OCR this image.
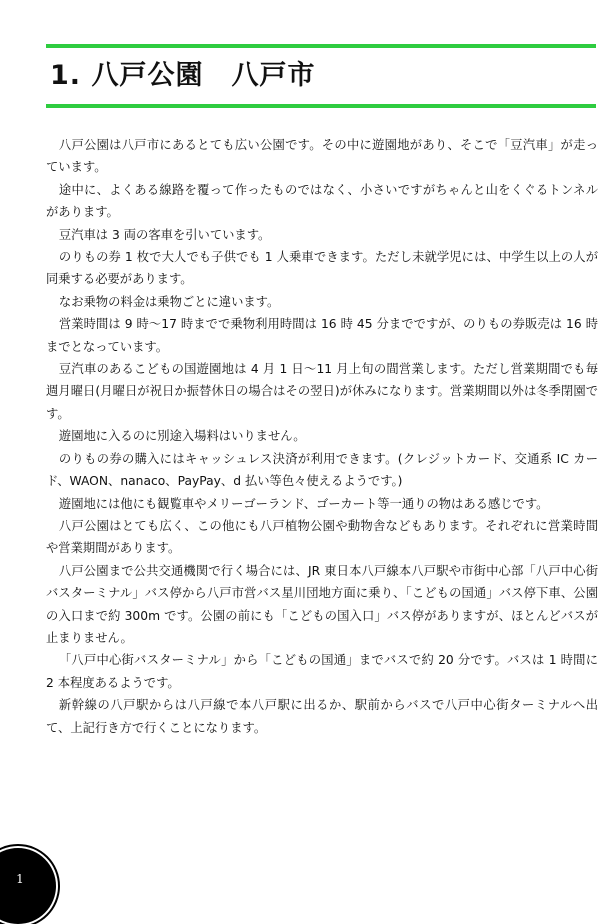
1. 八戸公園　八戸市

八戸公園は八戸市にあるとても広い公園です。その中に遊園地があり、そこで「豆汽車」が走っています。

途中に、よくある線路を覆って作ったものではなく、小さいですがちゃんと山をくぐるトンネルがあります。

豆汽車は 3 両の客車を引いています。

のりもの券 1 枚で大人でも子供でも 1 人乗車できます。ただし未就学児には、中学生以上の人が同乗する必要があります。

なお乗物の料金は乗物ごとに違います。

営業時間は 9 時～17 時までで乗物利用時間は 16 時 45 分までですが、のりもの券販売は 16 時までとなっています。

豆汽車のあるこどもの国遊園地は 4 月 1 日～11 月上旬の間営業します。ただし営業期間でも毎週月曜日(月曜日が祝日か振替休日の場合はその翌日)が休みになります。営業期間以外は冬季閉園です。

遊園地に入るのに別途入場料はいりません。

のりもの券の購入にはキャッシュレス決済が利用できます。(クレジットカード、交通系 IC カード、WAON、nanaco、PayPay、d 払い等色々使えるようです。)

遊園地には他にも観覧車やメリーゴーランド、ゴーカート等一通りの物はある感じです。

八戸公園はとても広く、この他にも八戸植物公園や動物舎などもあります。それぞれに営業時間や営業期間があります。

八戸公園まで公共交通機関で行く場合には、JR 東日本八戸線本八戸駅や市街中心部「八戸中心街バスターミナル」バス停から八戸市営バス星川団地方面に乗り、「こどもの国通」バス停下車、公園の入口まで約 300m です。公園の前にも「こどもの国入口」バス停がありますが、ほとんどバスが止まりません。

「八戸中心街バスターミナル」から「こどもの国通」までバスで約 20 分です。バスは 1 時間に 2 本程度あるようです。

新幹線の八戸駅からは八戸線で本八戸駅に出るか、駅前からバスで八戸中心街ターミナルへ出て、上記行き方で行くことになります。

1
